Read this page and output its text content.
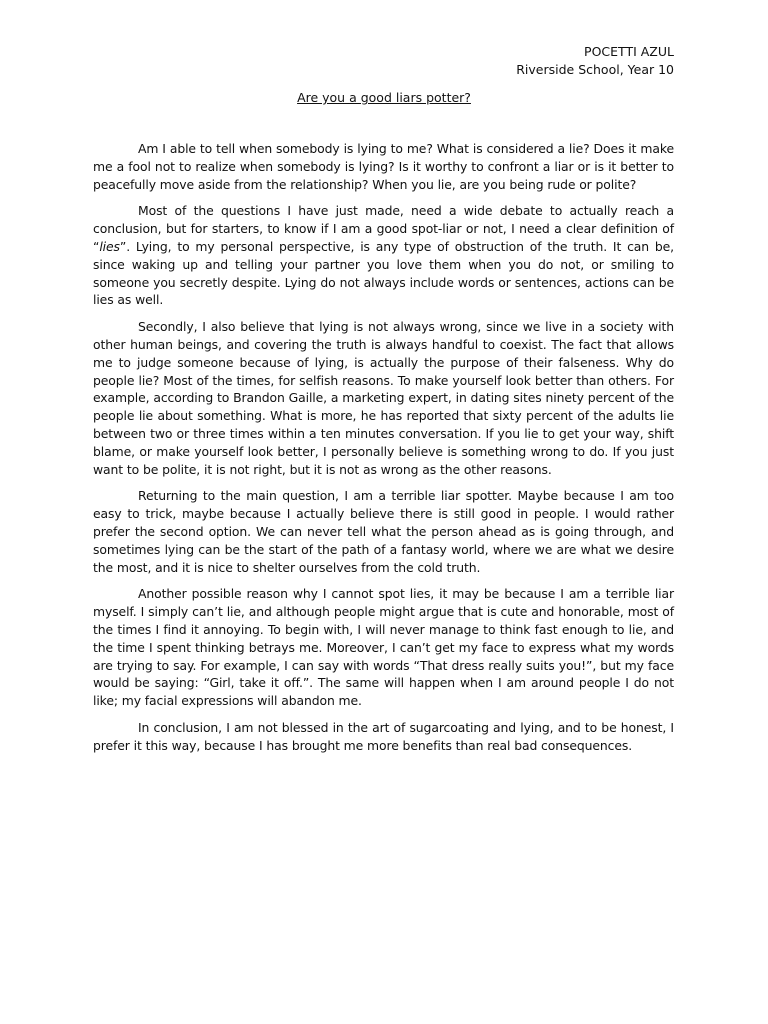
POCETTI AZUL
Riverside School, Year 10
Are you a good liars potter?

Am I able to tell when somebody is lying to me? What is considered a lie? Does it make me a fool not to realize when somebody is lying? Is it worthy to confront a liar or is it better to peacefully move aside from the relationship? When you lie, are you being rude or polite?

Most of the questions I have just made, need a wide debate to actually reach a conclusion, but for starters, to know if I am a good spot-liar or not, I need a clear definition of “lies”. Lying, to my personal perspective, is any type of obstruction of the truth. It can be, since waking up and telling your partner you love them when you do not, or smiling to someone you secretly despite. Lying do not always include words or sentences, actions can be lies as well.

Secondly, I also believe that lying is not always wrong, since we live in a society with other human beings, and covering the truth is always handful to coexist. The fact that allows me to judge someone because of lying, is actually the purpose of their falseness. Why do people lie? Most of the times, for selfish reasons. To make yourself look better than others. For example, according to Brandon Gaille, a marketing expert, in dating sites ninety percent of the people lie about something. What is more, he has reported that sixty percent of the adults lie between two or three times within a ten minutes conversation. If you lie to get your way, shift blame, or make yourself look better, I personally believe is something wrong to do. If you just want to be polite, it is not right, but it is not as wrong as the other reasons.

Returning to the main question, I am a terrible liar spotter. Maybe because I am too easy to trick, maybe because I actually believe there is still good in people. I would rather prefer the second option. We can never tell what the person ahead as is going through, and sometimes lying can be the start of the path of a fantasy world, where we are what we desire the most, and it is nice to shelter ourselves from the cold truth.

Another possible reason why I cannot spot lies, it may be because I am a terrible liar myself. I simply can’t lie, and although people might argue that is cute and honorable, most of the times I find it annoying. To begin with, I will never manage to think fast enough to lie, and the time I spent thinking betrays me. Moreover, I can’t get my face to express what my words are trying to say. For example, I can say with words “That dress really suits you!”, but my face would be saying: “Girl, take it off.”. The same will happen when I am around people I do not like; my facial expressions will abandon me.

In conclusion, I am not blessed in the art of sugarcoating and lying, and to be honest, I prefer it this way, because I has brought me more benefits than real bad consequences.
